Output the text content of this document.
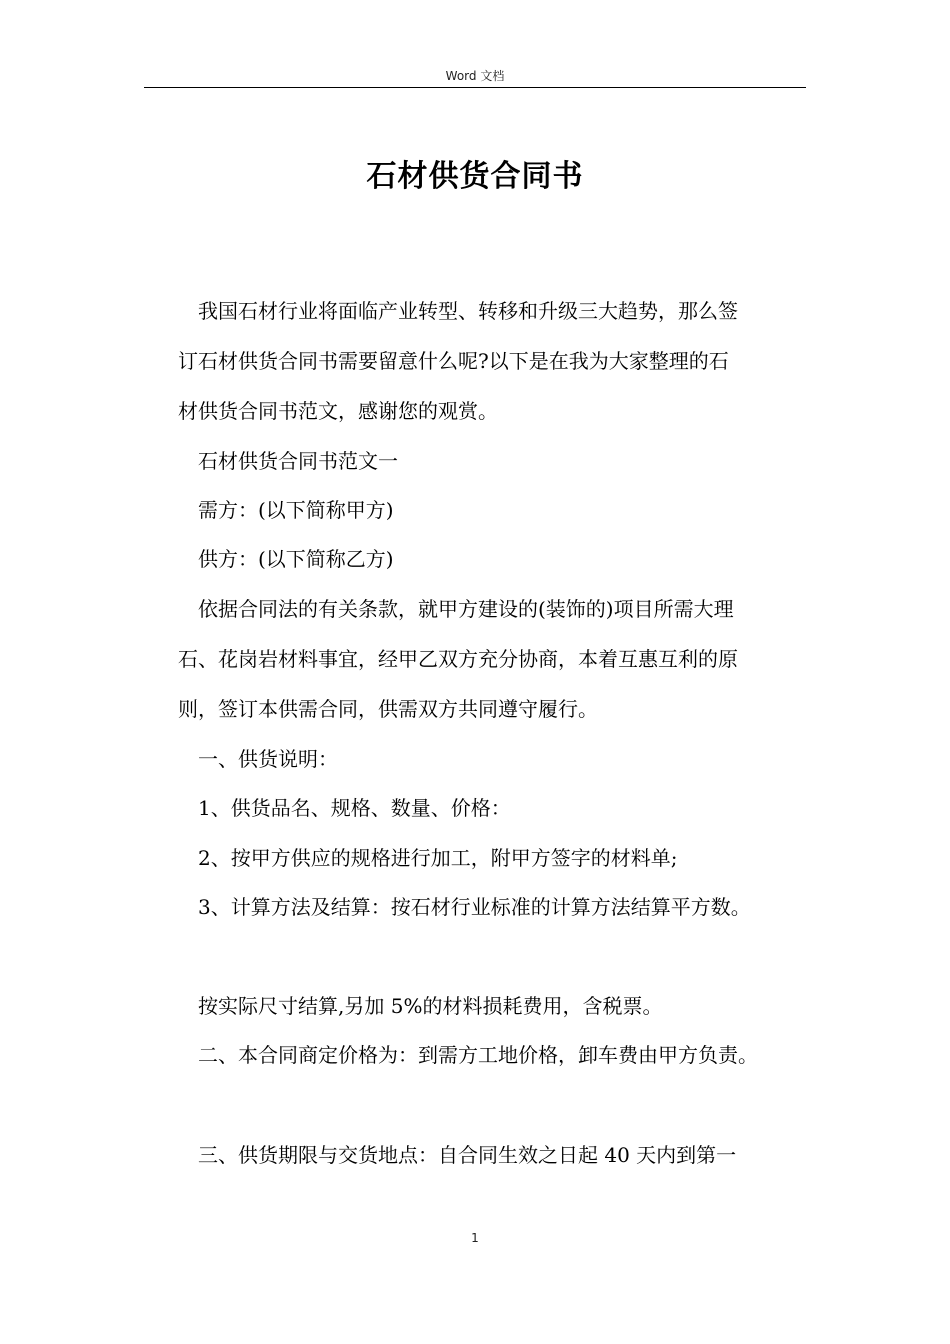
Word 文档
石材供货合同书
我国石材行业将面临产业转型、转移和升级三大趋势，那么签
订石材供货合同书需要留意什么呢?以下是在我为大家整理的石
材供货合同书范文，感谢您的观赏。
石材供货合同书范文一
需方：(以下简称甲方)
供方：(以下简称乙方)
依据合同法的有关条款，就甲方建设的(装饰的)项目所需大理
石、花岗岩材料事宜，经甲乙双方充分协商，本着互惠互利的原
则，签订本供需合同，供需双方共同遵守履行。
一、供货说明：
1、供货品名、规格、数量、价格：
2、按甲方供应的规格进行加工，附甲方签字的材料单;
3、计算方法及结算：按石材行业标准的计算方法结算平方数。
按实际尺寸结算,另加 5%的材料损耗费用，含税票。
二、本合同商定价格为：到需方工地价格，卸车费由甲方负责。
三、供货期限与交货地点：自合同生效之日起 40 天内到第一
1
